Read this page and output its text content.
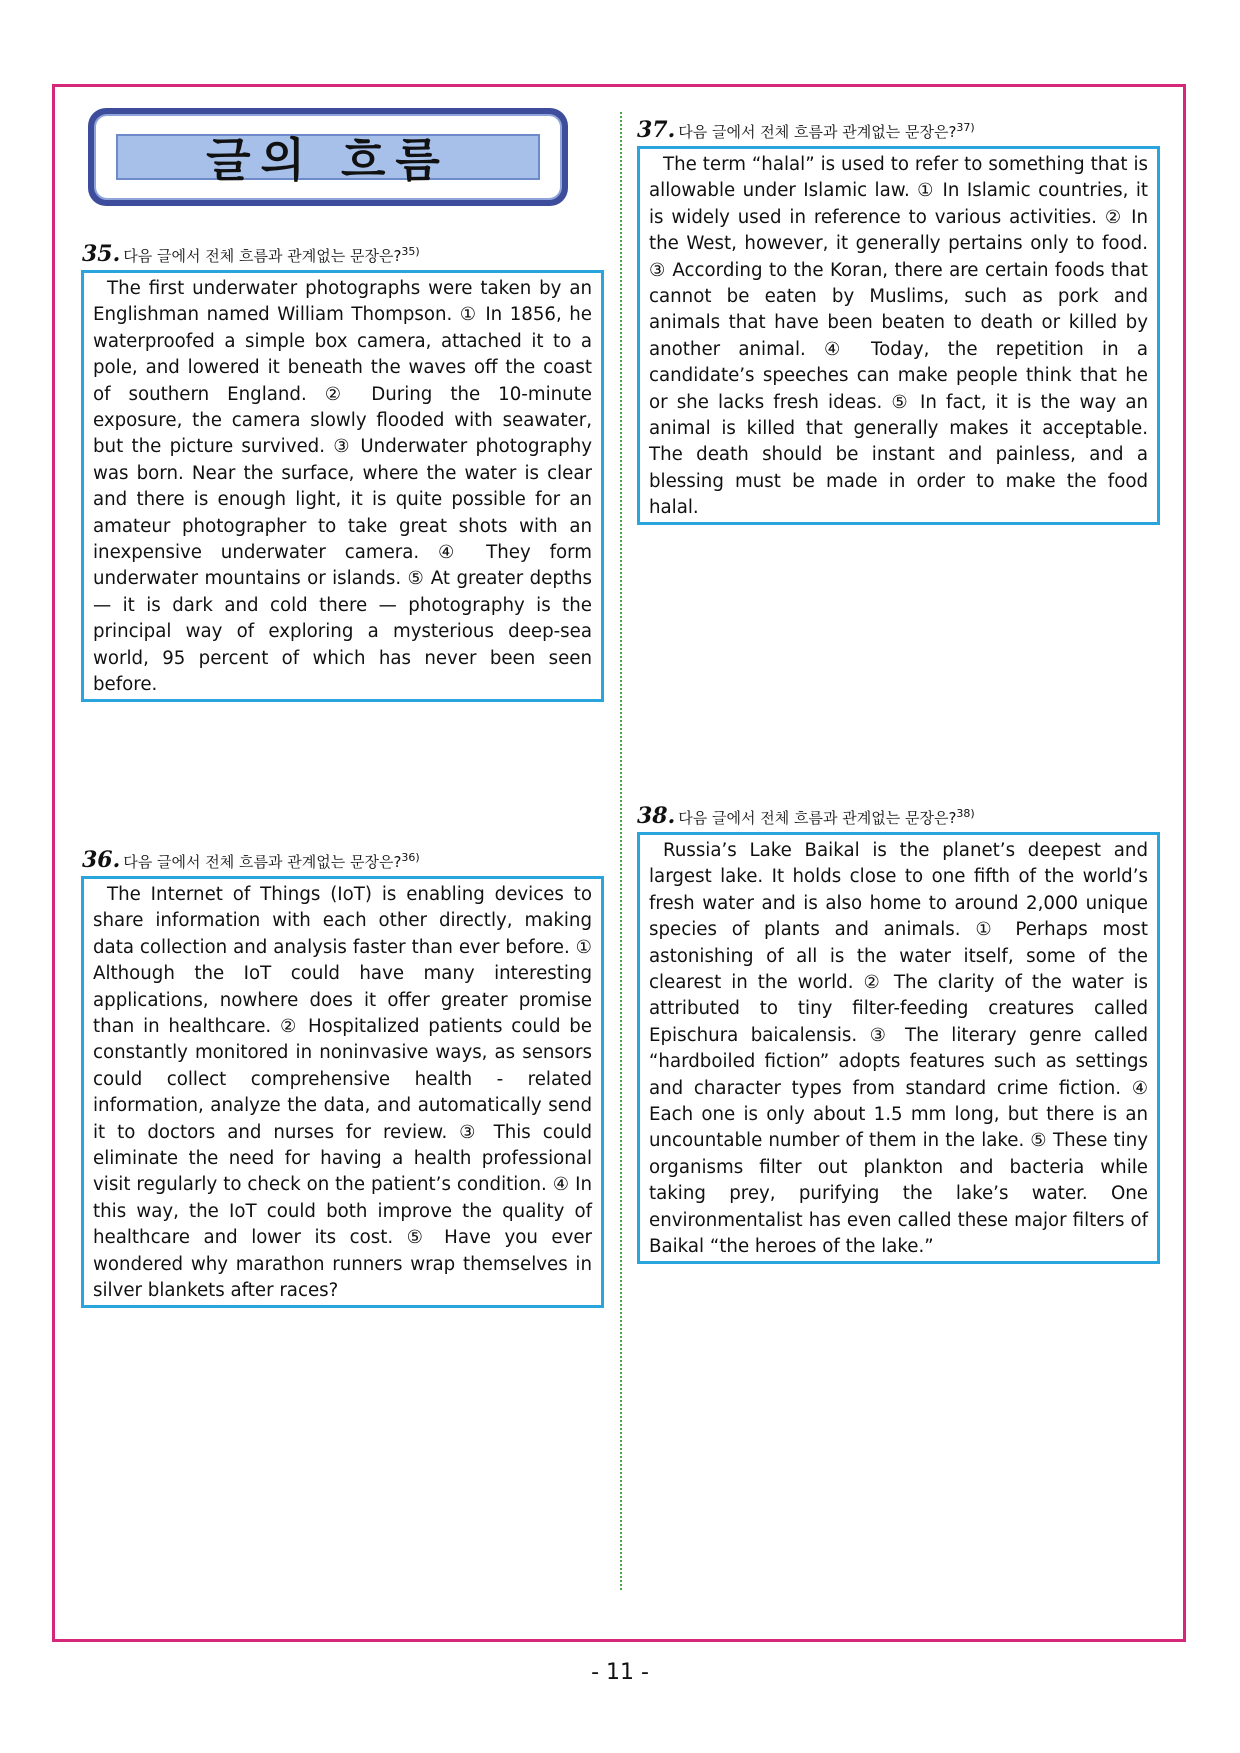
글의 흐름
35. 다음 글에서 전체 흐름과 관계없는 문장은?$^{35)}$

The first underwater photographs were taken by an Englishman named William Thompson. ① In 1856, he waterproofed a simple box camera, attached it to a pole, and lowered it beneath the waves off the coast of southern England. ② During the 10-minute exposure, the camera slowly flooded with seawater, but the picture survived. ③ Underwater photography was born. Near the surface, where the water is clear and there is enough light, it is quite possible for an amateur photographer to take great shots with an inexpensive underwater camera. ④ They form underwater mountains or islands. ⑤ At greater depths — it is dark and cold there — photography is the principal way of exploring a mysterious deep-sea world, 95 percent of which has never been seen before.

36. 다음 글에서 전체 흐름과 관계없는 문장은?$^{36)}$

The Internet of Things (IoT) is enabling devices to share information with each other directly, making data collection and analysis faster than ever before. ① Although the IoT could have many interesting applications, nowhere does it offer greater promise than in healthcare. ② Hospitalized patients could be constantly monitored in noninvasive ways, as sensors could collect comprehensive health - related information, analyze the data, and automatically send it to doctors and nurses for review. ③ This could eliminate the need for having a health professional visit regularly to check on the patient’s condition. ④ In this way, the IoT could both improve the quality of healthcare and lower its cost. ⑤ Have you ever wondered why marathon runners wrap themselves in silver blankets after races?

37. 다음 글에서 전체 흐름과 관계없는 문장은?$^{37)}$

The term “halal” is used to refer to something that is allowable under Islamic law. ① In Islamic countries, it is widely used in reference to various activities. ② In the West, however, it generally pertains only to food. ③ According to the Koran, there are certain foods that cannot be eaten by Muslims, such as pork and animals that have been beaten to death or killed by another animal. ④ Today, the repetition in a candidate’s speeches can make people think that he or she lacks fresh ideas. ⑤ In fact, it is the way an animal is killed that generally makes it acceptable. The death should be instant and painless, and a blessing must be made in order to make the food halal.

38. 다음 글에서 전체 흐름과 관계없는 문장은?$^{38)}$

Russia’s Lake Baikal is the planet’s deepest and largest lake. It holds close to one fifth of the world’s fresh water and is also home to around 2,000 unique species of plants and animals. ① Perhaps most astonishing of all is the water itself, some of the clearest in the world. ② The clarity of the water is attributed to tiny filter-feeding creatures called Epischura baicalensis. ③ The literary genre called “hardboiled fiction” adopts features such as settings and character types from standard crime fiction. ④ Each one is only about 1.5 mm long, but there is an uncountable number of them in the lake. ⑤ These tiny organisms filter out plankton and bacteria while taking prey, purifying the lake’s water. One environmentalist has even called these major filters of Baikal “the heroes of the lake.”

- 11 -
